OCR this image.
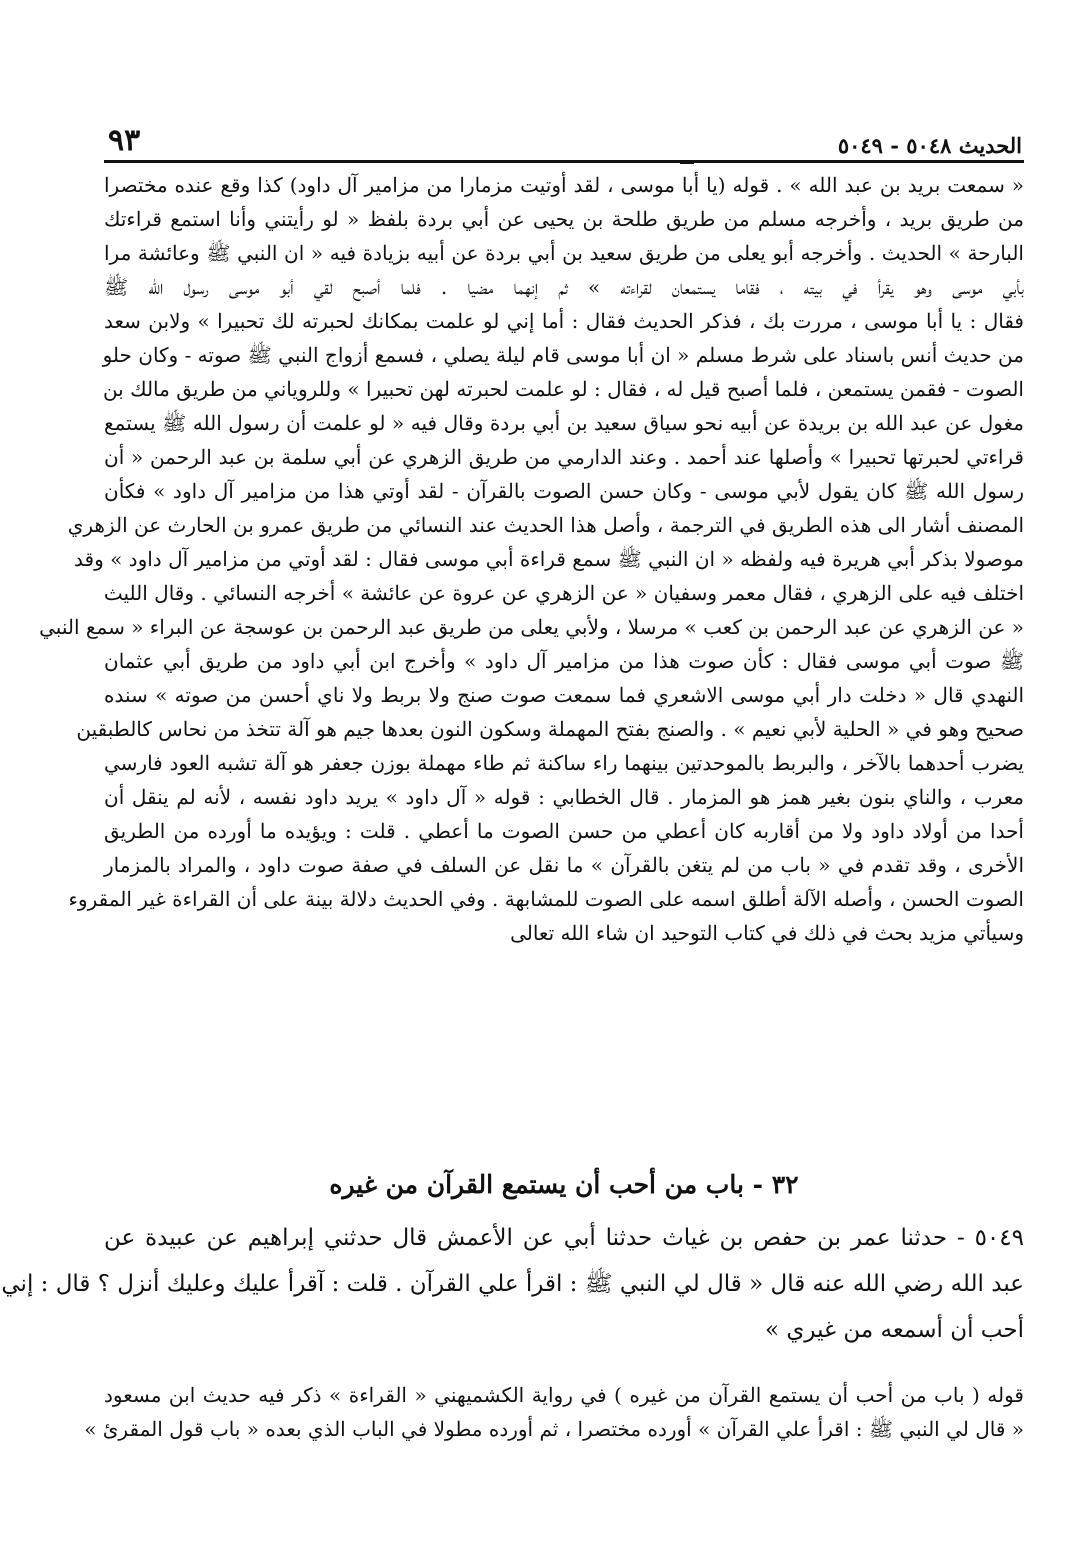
الحديث ٥٠٤٨ - ٥٠٤٩
٩٣
« سمعت بريد بن عبد الله » . قوله (يا أبا موسى ، لقد أوتيت مزمارا من مزامير آل داود) كذا وقع عنده مختصرا
من طريق بريد ، وأخرجه مسلم من طريق طلحة بن يحيى عن أبي بردة بلفظ « لو رأيتني وأنا استمع قراءتك
البارحة » الحديث . وأخرجه أبو يعلى من طريق سعيد بن أبي بردة عن أبيه بزيادة فيه « ان النبي ﷺ وعائشة مرا
بأبي موسى وهو يقرأ في بيته ، فقاما يستمعان لقراءته » ثم إنهما مضيا . فلما أصبح لقي أبو موسى رسول الله ﷺ
فقال : يا أبا موسى ، مررت بك ، فذكر الحديث فقال : أما إني لو علمت بمكانك لحبرته لك تحبيرا » ولابن سعد
من حديث أنس باسناد على شرط مسلم « ان أبا موسى قام ليلة يصلي ، فسمع أزواج النبي ﷺ صوته - وكان حلو
الصوت - فقمن يستمعن ، فلما أصبح قيل له ، فقال : لو علمت لحبرته لهن تحبيرا » وللروياني من طريق مالك بن
مغول عن عبد الله بن بريدة عن أبيه نحو سياق سعيد بن أبي بردة وقال فيه « لو علمت أن رسول الله ﷺ يستمع
قراءتي لحبرتها تحبيرا » وأصلها عند أحمد . وعند الدارمي من طريق الزهري عن أبي سلمة بن عبد الرحمن « أن
رسول الله ﷺ كان يقول لأبي موسى - وكان حسن الصوت بالقرآن - لقد أوتي هذا من مزامير آل داود » فكأن
المصنف أشار الى هذه الطريق في الترجمة ، وأصل هذا الحديث عند النسائي من طريق عمرو بن الحارث عن الزهري
موصولا بذكر أبي هريرة فيه ولفظه « ان النبي ﷺ سمع قراءة أبي موسى فقال : لقد أوتي من مزامير آل داود » وقد
اختلف فيه على الزهري ، فقال معمر وسفيان « عن الزهري عن عروة عن عائشة » أخرجه النسائي . وقال الليث
« عن الزهري عن عبد الرحمن بن كعب » مرسلا ، ولأبي يعلى من طريق عبد الرحمن بن عوسجة عن البراء « سمع النبي
ﷺ صوت أبي موسى فقال : كأن صوت هذا من مزامير آل داود » وأخرج ابن أبي داود من طريق أبي عثمان
النهدي قال « دخلت دار أبي موسى الاشعري فما سمعت صوت صنج ولا بربط ولا ناي أحسن من صوته » سنده
صحيح وهو في « الحلية لأبي نعيم » . والصنج بفتح المهملة وسكون النون بعدها جيم هو آلة تتخذ من نحاس كالطبقين
يضرب أحدهما بالآخر ، والبربط بالموحدتين بينهما راء ساكنة ثم طاء مهملة بوزن جعفر هو آلة تشبه العود فارسي
معرب ، والناي بنون بغير همز هو المزمار . قال الخطابي : قوله « آل داود » يريد داود نفسه ، لأنه لم ينقل أن
أحدا من أولاد داود ولا من أقاربه كان أعطي من حسن الصوت ما أعطي . قلت : ويؤيده ما أورده من الطريق
الأخرى ، وقد تقدم في « باب من لم يتغن بالقرآن » ما نقل عن السلف في صفة صوت داود ، والمراد بالمزمار
الصوت الحسن ، وأصله الآلة أطلق اسمه على الصوت للمشابهة . وفي الحديث دلالة بينة على أن القراءة غير المقروء
وسيأتي مزيد بحث في ذلك في كتاب التوحيد ان شاء الله تعالى
٣٢ - باب من أحب أن يستمع القرآن من غيره
٥٠٤٩ - حدثنا عمر بن حفص بن غياث حدثنا أبي عن الأعمش قال حدثني إبراهيم عن عبيدة عن
عبد الله رضي الله عنه قال « قال لي النبي ﷺ : اقرأ علي القرآن . قلت : آقرأ عليك وعليك أنزل ؟ قال : إني
أحب أن أسمعه من غيري »
قوله ( باب من أحب أن يستمع القرآن من غيره ) في رواية الكشميهني « القراءة » ذكر فيه حديث ابن مسعود
« قال لي النبي ﷺ : اقرأ علي القرآن » أورده مختصرا ، ثم أورده مطولا في الباب الذي بعده « باب قول المقرئ »
